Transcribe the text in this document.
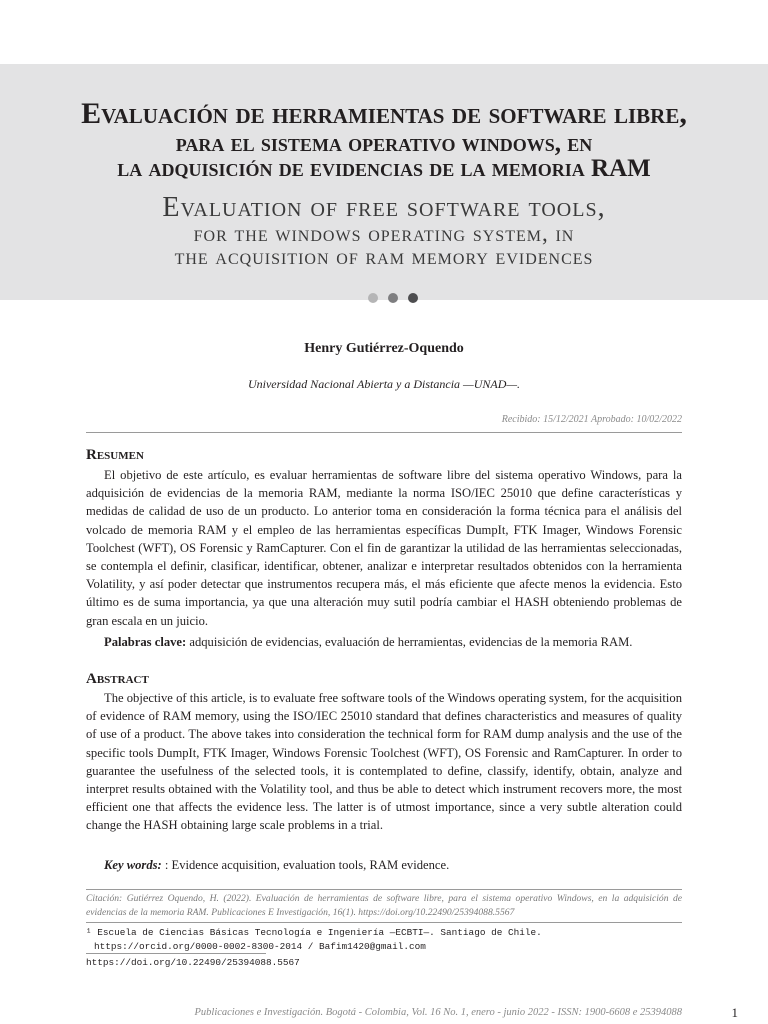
Evaluación de herramientas de software libre,
para el sistema operativo windows, en
la adquisición de evidencias de la memoria RAM
Evaluation of free software tools,
for the windows operating system, in
the acquisition of ram memory evidences
Henry Gutiérrez-Oquendo
Universidad Nacional Abierta y a Distancia —UNAD—.
Recibido: 15/12/2021 Aprobado: 10/02/2022
Resumen

El objetivo de este artículo, es evaluar herramientas de software libre del sistema operativo Windows, para la adquisición de evidencias de la memoria RAM, mediante la norma ISO/IEC 25010 que define características y medidas de calidad de uso de un producto. Lo anterior toma en consideración la forma técnica para el análisis del volcado de memoria RAM y el empleo de las herramientas específicas DumpIt, FTK Imager, Windows Forensic Toolchest (WFT), OS Forensic y RamCapturer. Con el fin de garantizar la utilidad de las herramientas seleccionadas, se contempla el definir, clasificar, identificar, obtener, analizar e interpretar resultados obtenidos con la herramienta Volatility, y así poder detectar que instrumentos recupera más, el más eficiente que afecte menos la evidencia. Esto último es de suma importancia, ya que una alteración muy sutil podría cambiar el HASH obteniendo problemas de gran escala en un juicio.

Palabras clave: adquisición de evidencias, evaluación de herramientas, evidencias de la memoria RAM.
Abstract

The objective of this article, is to evaluate free software tools of the Windows operating system, for the acquisition of evidence of RAM memory, using the ISO/IEC 25010 standard that defines characteristics and measures of quality of use of a product. The above takes into consideration the technical form for RAM dump analysis and the use of the specific tools DumpIt, FTK Imager, Windows Forensic Toolchest (WFT), OS Forensic and RamCapturer. In order to guarantee the usefulness of the selected tools, it is contemplated to define, classify, identify, obtain, analyze and interpret results obtained with the Volatility tool, and thus be able to detect which instrument recovers more, the most efficient one that affects the evidence less. The latter is of utmost importance, since a very subtle alteration could change the HASH obtaining large scale problems in a trial.

Key words: : Evidence acquisition, evaluation tools, RAM evidence.
Citación: Gutiérrez Oquendo, H. (2022). Evaluación de herramientas de software libre, para el sistema operativo Windows, en la adquisición de evidencias de la memoria RAM. Publicaciones E Investigación, 16(1). https://doi.org/10.22490/25394088.5567
¹ Escuela de Ciencias Básicas Tecnología e Ingeniería —ECBTI—. Santiago de Chile.
https://orcid.org/0000-0002-8300-2014 / Bafim1420@gmail.com
https://doi.org/10.22490/25394088.5567
Publicaciones e Investigación. Bogotá - Colombia, Vol. 16 No. 1, enero - junio 2022 - ISSN: 1900-6608 e 25394088	1
